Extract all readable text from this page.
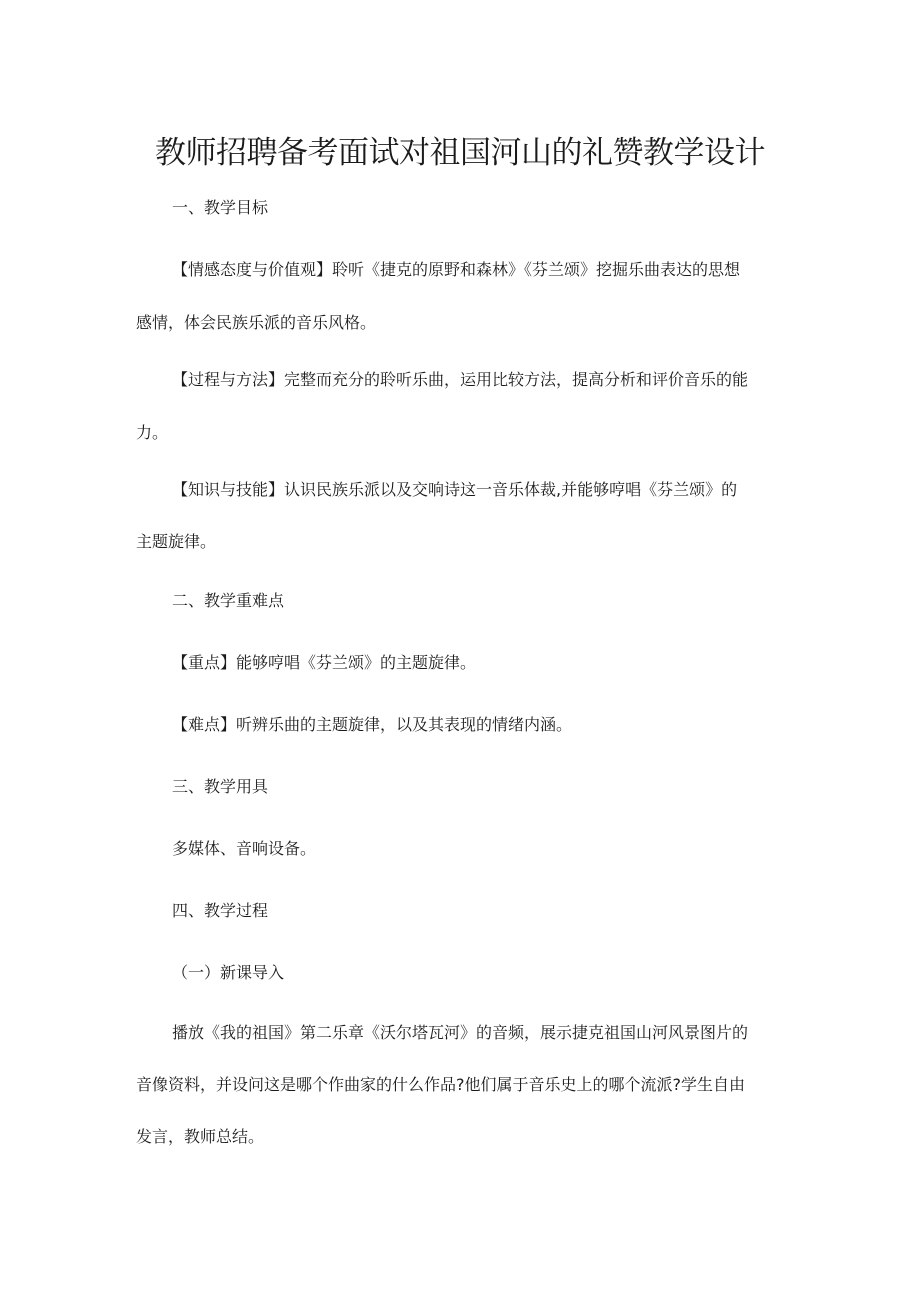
教师招聘备考面试对祖国河山的礼赞教学设计

一、教学目标

【情感态度与价值观】聆听《捷克的原野和森林》《芬兰颂》挖掘乐曲表达的思想

感情，体会民族乐派的音乐风格。

【过程与方法】完整而充分的聆听乐曲，运用比较方法，提高分析和评价音乐的能

力。

【知识与技能】认识民族乐派以及交响诗这一音乐体裁,并能够哼唱《芬兰颂》的

主题旋律。

二、教学重难点

【重点】能够哼唱《芬兰颂》的主题旋律。

【难点】听辨乐曲的主题旋律，以及其表现的情绪内涵。

三、教学用具

多媒体、音响设备。

四、教学过程

（一）新课导入

播放《我的祖国》第二乐章《沃尔塔瓦河》的音频，展示捷克祖国山河风景图片的

音像资料，并设问这是哪个作曲家的什么作品?他们属于音乐史上的哪个流派?学生自由

发言，教师总结。
